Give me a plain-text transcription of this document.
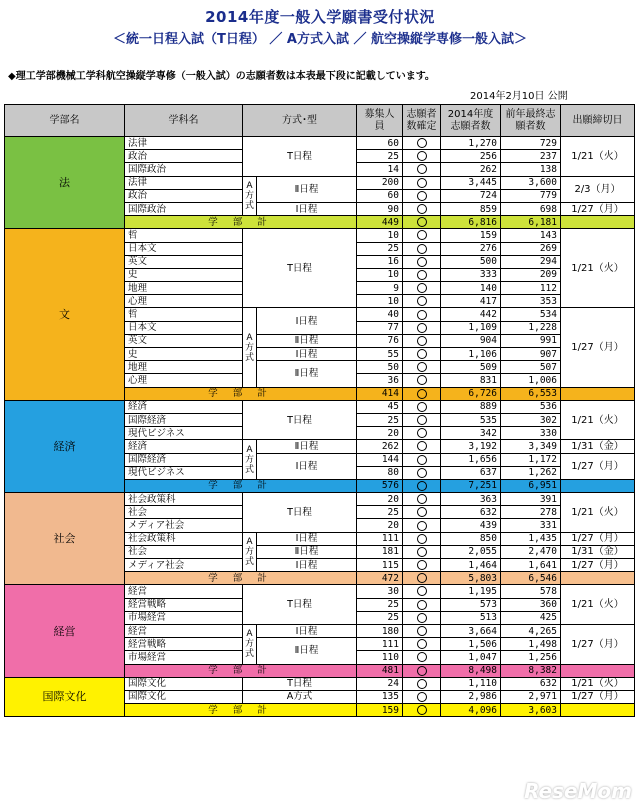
2014年度一般入学願書受付状況
＜統一日程入試（T日程） ／ A方式入試 ／ 航空操縦学専修一般入試＞
◆理工学部機械工学科航空操縦学専修（一般入試）の志願者数は本表最下段に記載しています。
2014年2月10日 公開
学部名	学科名	方式･型		募集人員	志願者数確定	2014年度志願者数	前年最終志願者数	出願締切日
法	法律	T日程		60		1,270	729	1/21（火）
	政治			25		256	237	
	国際政治			14		262	138	
	法律	A方式	Ⅱ日程	200		3,445	3,600	2/3（月）
	政治			60		724	779	
	国際政治		Ⅰ日程	90		859	698	1/27（月）
	学 部 計			449		6,816	6,181	
文	哲	T日程		10		159	143	1/21（火）
	日本文			25		276	269	
	英文			16		500	294	
	史			10		333	209	
	地理			9		140	112	
	心理			10		417	353	
	哲	A方式	Ⅰ日程	40		442	534	1/27（月）
	日本文			77		1,109	1,228	
	英文		Ⅱ日程	76		904	991	
	史		Ⅰ日程	55		1,106	907	
	地理		Ⅱ日程	50		509	507	
	心理			36		831	1,006	
	学 部 計			414		6,726	6,553	
経済	経済	T日程		45		889	536	1/21（火）
	国際経済			25		535	302	
	現代ビジネス			20		342	330	
	経済	A方式	Ⅱ日程	262		3,192	3,349	1/31（金）
	国際経済		Ⅰ日程	144		1,656	1,172	1/27（月）
	現代ビジネス			80		637	1,262	
	学 部 計			576		7,251	6,951	
社会	社会政策科	T日程		20		363	391	1/21（火）
	社会			25		632	278	
	メディア社会			20		439	331	
	社会政策科	A方式	Ⅰ日程	111		850	1,435	1/27（月）
	社会		Ⅱ日程	181		2,055	2,470	1/31（金）
	メディア社会		Ⅰ日程	115		1,464	1,641	1/27（月）
	学 部 計			472		5,803	6,546	
経営	経営	T日程		30		1,195	578	1/21（火）
	経営戦略			25		573	360	
	市場経営			25		513	425	
	経営	A方式	Ⅰ日程	180		3,664	4,265	1/27（月）
	経営戦略		Ⅱ日程	111		1,506	1,498	
	市場経営			110		1,047	1,256	
	学 部 計			481		8,498	8,382	
国際文化	国際文化	T日程		24		1,110	632	1/21（火）
	国際文化	A方式		135		2,986	2,971	1/27（月）
	学 部 計			159		4,096	3,603	
ReseMom
